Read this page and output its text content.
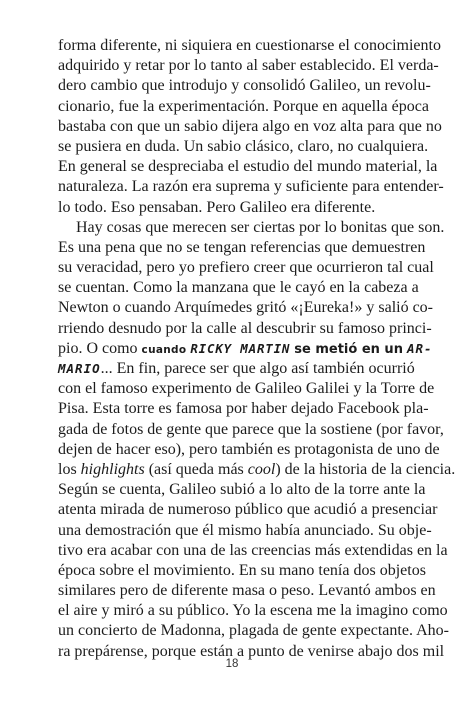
forma diferente, ni siquiera en cuestionarse el conocimiento
adquirido y retar por lo tanto al saber establecido. El verda-
dero cambio que introdujo y consolidó Galileo, un revolu-
cionario, fue la experimentación. Porque en aquella época
bastaba con que un sabio dijera algo en voz alta para que no
se pusiera en duda. Un sabio clásico, claro, no cualquiera.
En general se despreciaba el estudio del mundo material, la
naturaleza. La razón era suprema y suficiente para entender-
lo todo. Eso pensaban. Pero Galileo era diferente.
Hay cosas que merecen ser ciertas por lo bonitas que son.
Es una pena que no se tengan referencias que demuestren
su veracidad, pero yo prefiero creer que ocurrieron tal cual
se cuentan. Como la manzana que le cayó en la cabeza a
Newton o cuando Arquímedes gritó «¡Eureka!» y salió co-
rriendo desnudo por la calle al descubrir su famoso princi-
pio. O como cuando RICKY MARTIN se metió en un AR-
MARIO... En fin, parece ser que algo así también ocurrió
con el famoso experimento de Galileo Galilei y la Torre de
Pisa. Esta torre es famosa por haber dejado Facebook pla-
gada de fotos de gente que parece que la sostiene (por favor,
dejen de hacer eso), pero también es protagonista de uno de
los highlights (así queda más cool) de la historia de la ciencia.
Según se cuenta, Galileo subió a lo alto de la torre ante la
atenta mirada de numeroso público que acudió a presenciar
una demostración que él mismo había anunciado. Su obje-
tivo era acabar con una de las creencias más extendidas en la
época sobre el movimiento. En su mano tenía dos objetos
similares pero de diferente masa o peso. Levantó ambos en
el aire y miró a su público. Yo la escena me la imagino como
un concierto de Madonna, plagada de gente expectante. Aho-
ra prepárense, porque están a punto de venirse abajo dos mil
18
